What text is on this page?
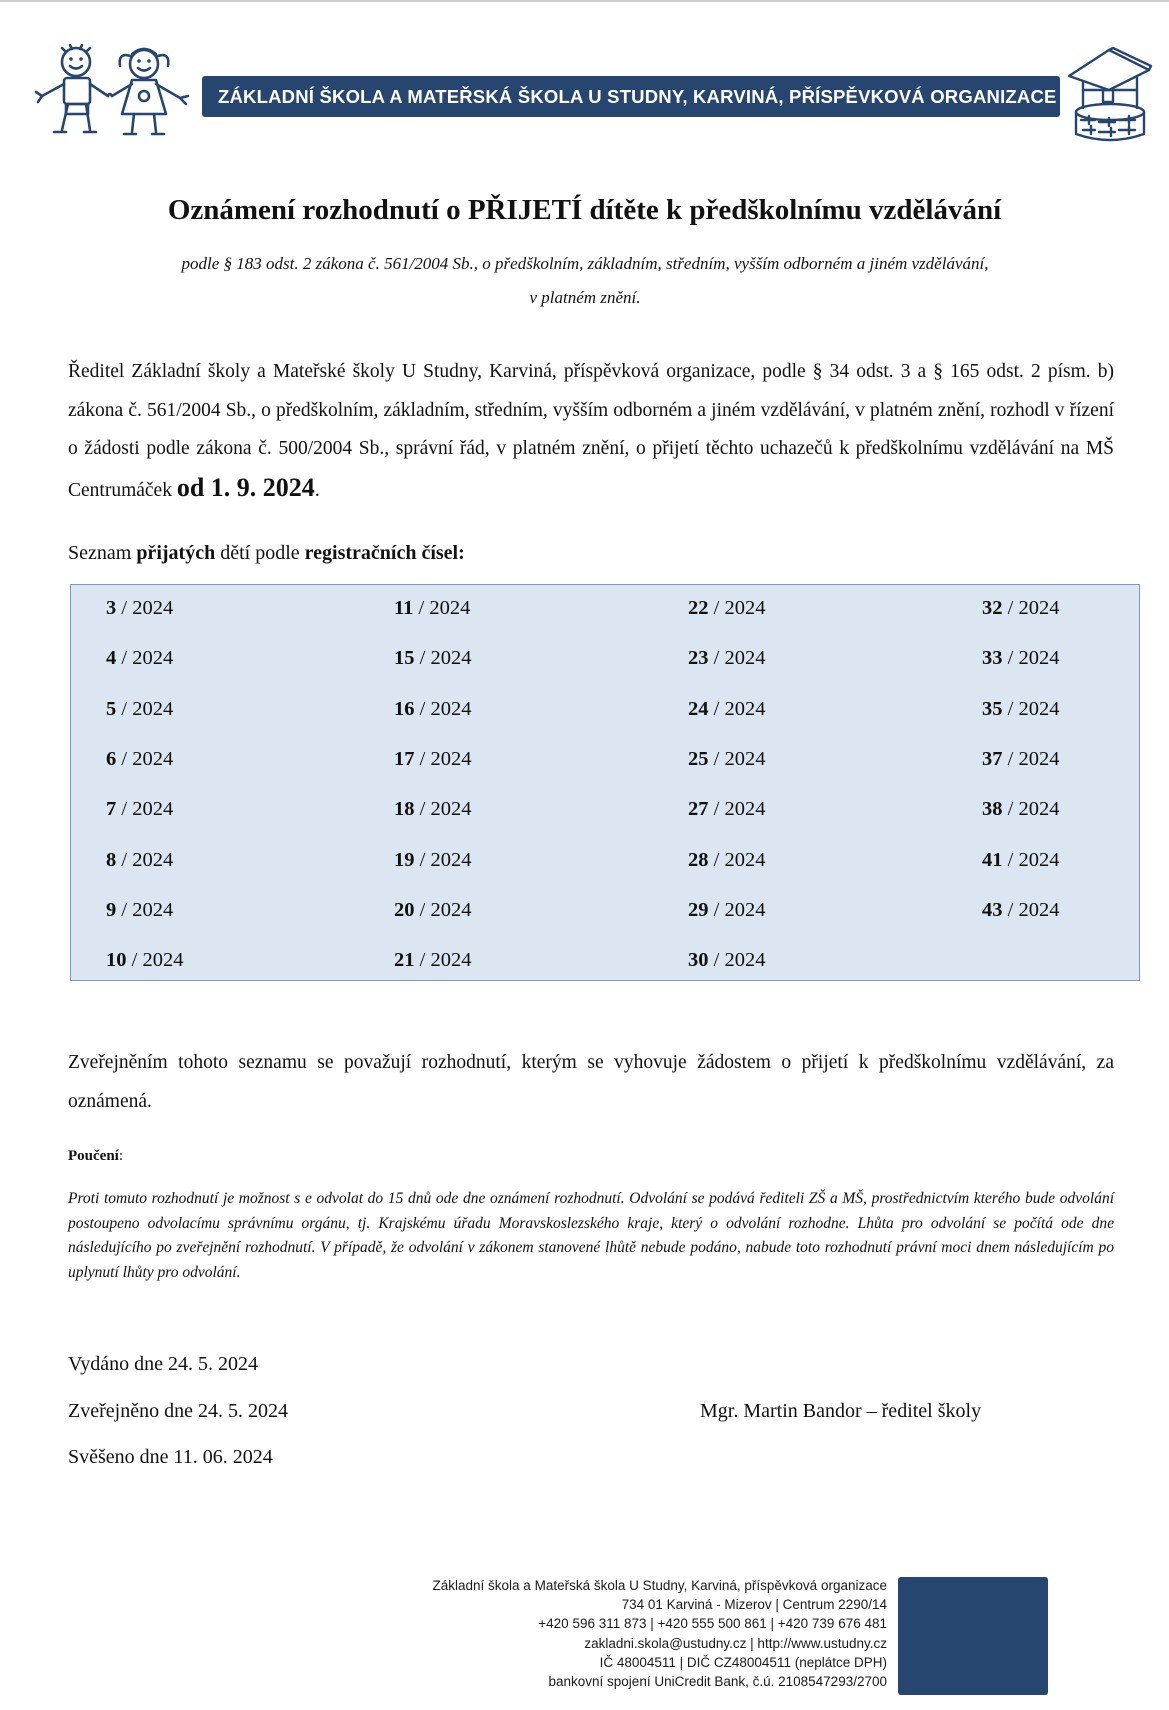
ZÁKLADNÍ ŠKOLA A MATEŘSKÁ ŠKOLA U STUDNY, KARVINÁ, PŘÍSPĚVKOVÁ ORGANIZACE
Oznámení rozhodnutí o PŘIJETÍ dítěte k předškolnímu vzdělávání
podle § 183 odst. 2 zákona č. 561/2004 Sb., o předškolním, základním, středním, vyšším odborném a jiném vzdělávání,
v platném znění.
Ředitel Základní školy a Mateřské školy U Studny, Karviná, příspěvková organizace, podle § 34 odst. 3 a § 165 odst. 2 písm. b) zákona č. 561/2004 Sb., o předškolním, základním, středním, vyšším odborném a jiném vzdělávání, v platném znění, rozhodl v řízení o žádosti podle zákona č. 500/2004 Sb., správní řád, v platném znění, o přijetí těchto uchazečů k předškolnímu vzdělávání na MŠ Centrumáček od 1. 9. 2024.
Seznam přijatých dětí podle registračních čísel:
3 / 2024	11 / 2024	22 / 2024	32 / 2024
4 / 2024	15 / 2024	23 / 2024	33 / 2024
5 / 2024	16 / 2024	24 / 2024	35 / 2024
6 / 2024	17 / 2024	25 / 2024	37 / 2024
7 / 2024	18 / 2024	27 / 2024	38 / 2024
8 / 2024	19 / 2024	28 / 2024	41 / 2024
9 / 2024	20 / 2024	29 / 2024	43 / 2024
10 / 2024	21 / 2024	30 / 2024
Zveřejněním tohoto seznamu se považují rozhodnutí, kterým se vyhovuje žádostem o přijetí k předškolnímu vzdělávání, za oznámená.
Poučení:
Proti tomuto rozhodnutí je možnost s e odvolat do 15 dnů ode dne oznámení rozhodnutí. Odvolání se podává řediteli ZŠ a MŠ, prostřednictvím kterého bude odvolání postoupeno odvolacímu správnímu orgánu, tj. Krajskému úřadu Moravskoslezského kraje, který o odvolání rozhodne. Lhůta pro odvolání se počítá ode dne následujícího po zveřejnění rozhodnutí. V případě, že odvolání v zákonem stanovené lhůtě nebude podáno, nabude toto rozhodnutí právní moci dnem následujícím po uplynutí lhůty pro odvolání.
Vydáno dne 24. 5. 2024
Zveřejněno dne 24. 5. 2024
Svěšeno dne 11. 06. 2024
Mgr. Martin Bandor – ředitel školy
Základní škola a Mateřská škola U Studny, Karviná, příspěvková organizace
734 01 Karviná - Mizerov | Centrum 2290/14
+420 596 311 873 | +420 555 500 861 | +420 739 676 481
zakladni.skola@ustudny.cz | http://www.ustudny.cz
IČ 48004511 | DIČ CZ48004511 (neplátce DPH)
bankovní spojení UniCredit Bank, č.ú. 2108547293/2700
